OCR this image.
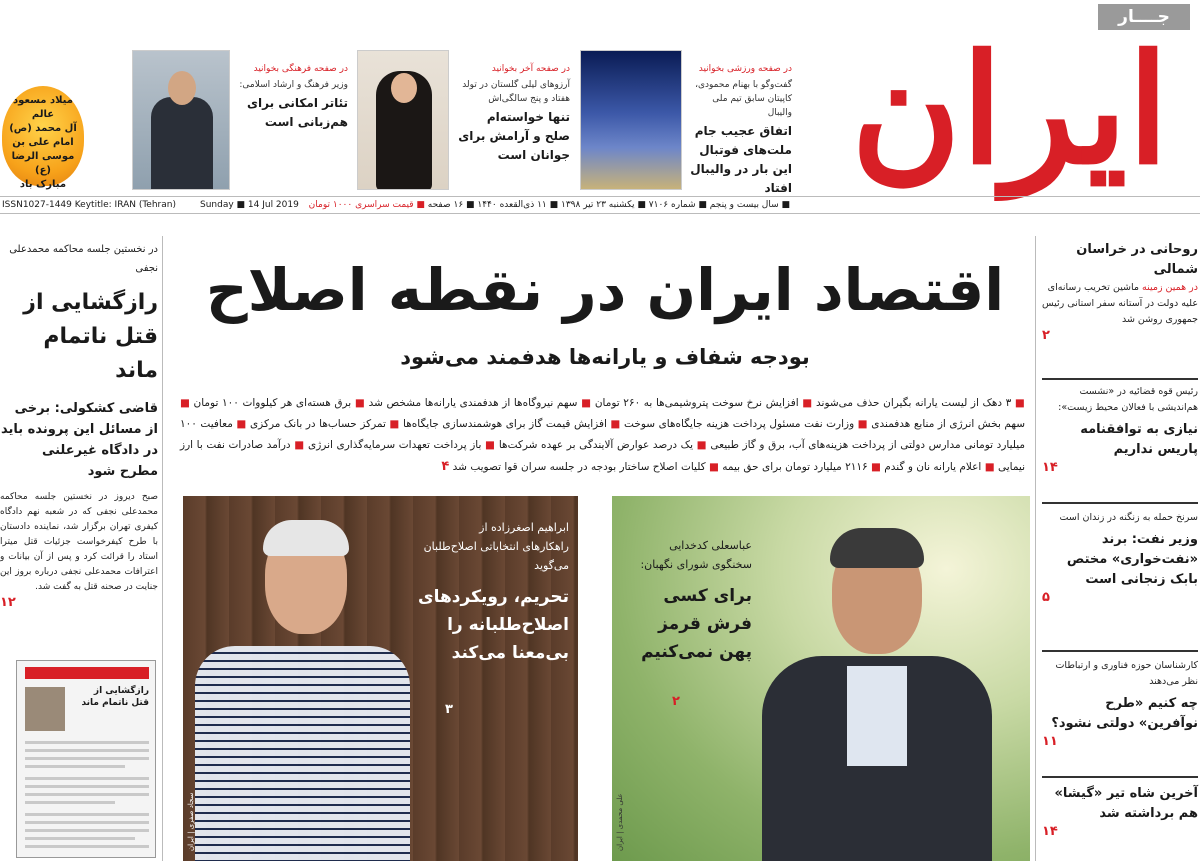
جــــار
ایران
در صفحه ورزشی بخوانید
گفت‌وگو با بهنام محمودی، کاپیتان سابق تیم ملی والیبال
اتفاق عجیب جام ملت‌های فوتبال این بار در والیبال افتاد
در صفحه آخر بخوانید
آرزوهای لیلی گلستان در تولد هفتاد و پنج سالگی‌اش
تنها خواسته‌ام صلح و آرامش برای جوانان است
در صفحه فرهنگی بخوانید
وزیر فرهنگ و ارشاد اسلامی:
تئاتر امکانی برای هم‌زبانی است
میلاد مسعود عالم
آل محمد (ص)
امام علی بن
موسی الرضا (ع)
مبارک باد
■ سال بیست و پنجم ■ شماره ۷۱۰۶ ■ یکشنبه ۲۳ تیر ۱۳۹۸ ■ ۱۱ ذی‌القعده ۱۴۴۰ ■ ۱۶ صفحه ■ قیمت سراسری ۱۰۰۰ تومان
Sunday ■ 14 Jul 2019
ISSN1027-1449 Keytitle: IRAN (Tehran)
روحانی در خراسان شمالی
در همین زمینه ماشین تخریب رسانه‌ای علیه دولت در آستانه سفر استانی رئیس جمهوری روشن شد
۲
رئیس قوه قضائیه در «نشست هم‌اندیشی با فعالان محیط زیست»:
نیازی به توافقنامه پاریس نداریم
۱۴
سرنخ حمله به زنگنه در زندان است
وزیر نفت: برند «نفت‌خواری» مختص بابک زنجانی است
۵
کارشناسان حوزه فناوری و ارتباطات نظر می‌دهند
چه کنیم «طرح نوآفرین» دولتی نشود؟
۱۱
آخرین شاه تیر «گیشا» هم برداشته شد
۱۴
در نخستین جلسه محاکمه محمدعلی نجفی
رازگشایی از قتل ناتمام ماند
قاضی کشکولی: برخی از مسائل این پرونده باید در دادگاه غیرعلنی مطرح شود
صبح دیروز در نخستین جلسه محاکمه محمدعلی نجفی که در شعبه نهم دادگاه کیفری تهران برگزار شد، نماینده دادستان با طرح کیفرخواست جزئیات قتل میترا استاد را قرائت کرد و پس از آن بیانات و اعترافات محمدعلی نجفی درباره بروز این جنایت در صحنه قتل به گفت شد.
۱۲
رازگشایی از قتل ناتمام ماند
اقتصاد ایران در نقطه اصلاح
بودجه شفاف و یارانه‌ها هدفمند می‌شود
■ ۳ دهک از لیست یارانه بگیران حذف می‌شوند ■ افزایش نرخ سوخت پتروشیمی‌ها به ۲۶۰ تومان ■ سهم نیروگاه‌ها از هدفمندی یارانه‌ها مشخص شد ■ برق هسته‌ای هر کیلووات ۱۰۰ تومان ■ سهم بخش انرژی از منابع هدفمندی ■ وزارت نفت مسئول پرداخت هزینه جایگاه‌های سوخت ■ افزایش قیمت گاز برای هوشمندسازی جایگاه‌ها ■ تمرکز حساب‌ها در بانک مرکزی ■ معافیت ۱۰۰ میلیارد تومانی مدارس دولتی از پرداخت هزینه‌های آب، برق و گاز طبیعی ■ یک درصد عوارض آلایندگی بر عهده شرکت‌ها ■ باز پرداخت تعهدات سرمایه‌گذاری انرژی ■ درآمد صادرات نفت با ارز نیمایی ■ اعلام یارانه نان و گندم ■ ۲۱۱۶ میلیارد تومان برای حق بیمه ■ کلیات اصلاح ساختار بودجه در جلسه سران قوا تصویب شد ۴
عباسعلی کدخدایی
سخنگوی شورای نگهبان:
برای کسی فرش قرمز پهن نمی‌کنیم
۲
علی محمدی | ایران
ابراهیم اصغرزاده از
راهکارهای انتخاباتی اصلاح‌طلبان می‌گوید
تحریم، رویکردهای اصلاح‌طلبانه را بی‌معنا می‌کند
۳
سجاد صفری | ایران
